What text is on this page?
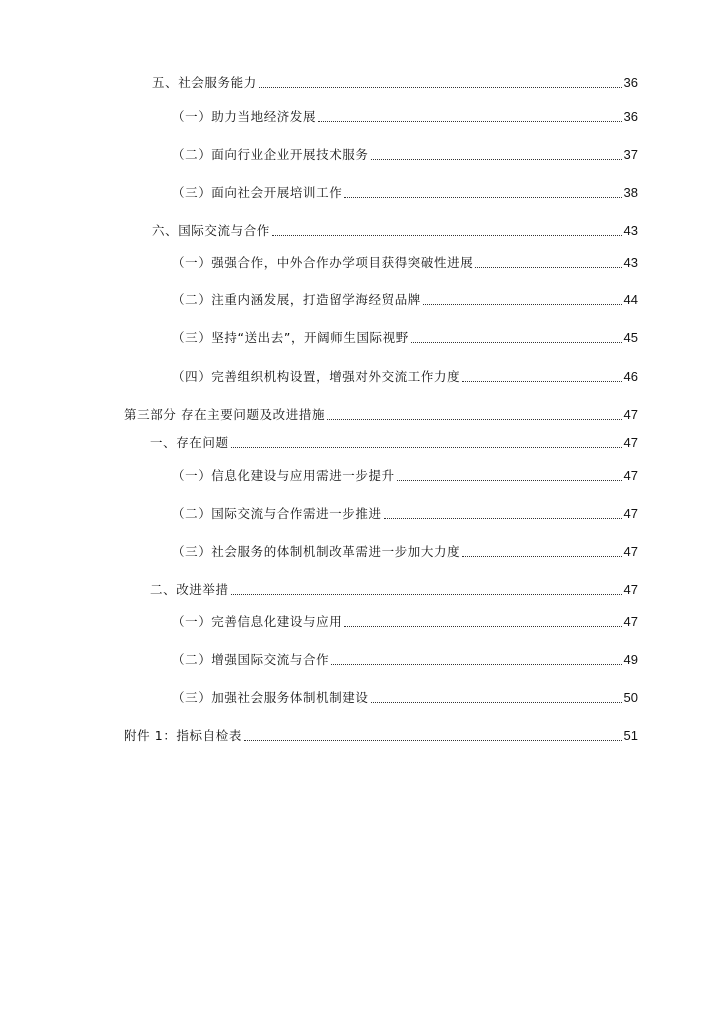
五、社会服务能力	36
（一）助力当地经济发展	36
（二）面向行业企业开展技术服务	37
（三）面向社会开展培训工作	38
六、国际交流与合作	43
（一）强强合作，中外合作办学项目获得突破性进展	43
（二）注重内涵发展，打造留学海经贸品牌	44
（三）坚持“送出去”，开阔师生国际视野	45
（四）完善组织机构设置，增强对外交流工作力度	46
第三部分 存在主要问题及改进措施	47
一、存在问题	47
（一）信息化建设与应用需进一步提升	47
（二）国际交流与合作需进一步推进	47
（三）社会服务的体制机制改革需进一步加大力度	47
二、改进举措	47
（一）完善信息化建设与应用	47
（二）增强国际交流与合作	49
（三）加强社会服务体制机制建设	50
附件 1：指标自检表	51
